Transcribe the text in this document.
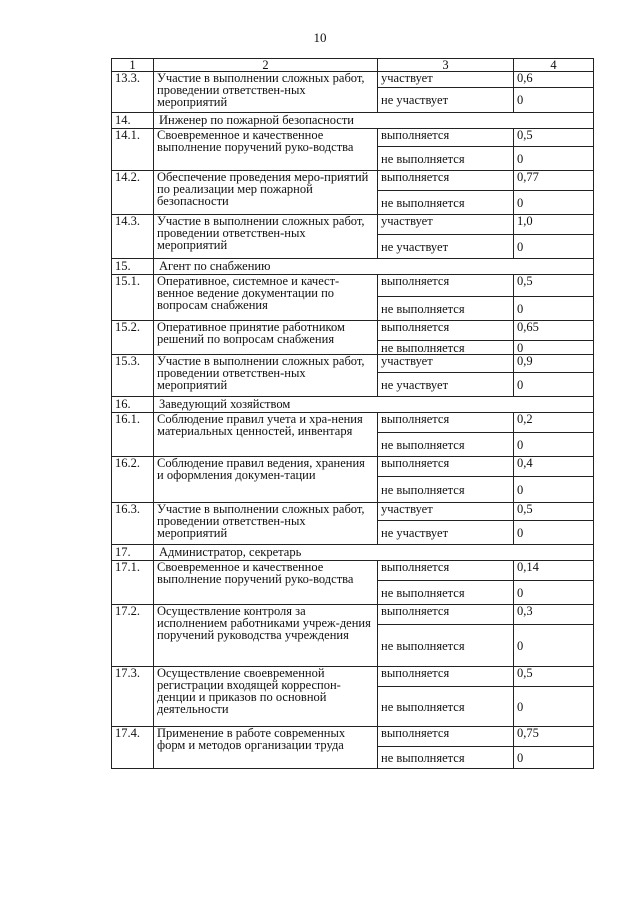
10
1	2	3	4
13.3.	Участие в выполнении сложных работ, проведении ответствен-ных мероприятий	участвует	0,6
		не участвует	0
14.	Инженер по пожарной безопасности		
14.1.	Своевременное и качественное выполнение поручений руко-водства	выполняется	0,5
		не выполняется	0
14.2.	Обеспечение проведения меро-приятий по реализации мер пожарной безопасности	выполняется	0,77
		не выполняется	0
14.3.	Участие в выполнении сложных работ, проведении ответствен-ных мероприятий	участвует	1,0
		не участвует	0
15.	Агент по снабжению		
15.1.	Оперативное, системное и качест-венное ведение документации по вопросам снабжения	выполняется	0,5
		не выполняется	0
15.2.	Оперативное принятие работником решений по вопросам снабжения	выполняется	0,65
		не выполняется	0
15.3.	Участие в выполнении сложных работ, проведении ответствен-ных мероприятий	участвует	0,9
		не участвует	0
16.	Заведующий хозяйством		
16.1.	Соблюдение правил учета и хра-нения материальных ценностей, инвентаря	выполняется	0,2
		не выполняется	0
16.2.	Соблюдение правил ведения, хранения и оформления докумен-тации	выполняется	0,4
		не выполняется	0
16.3.	Участие в выполнении сложных работ, проведении ответствен-ных мероприятий	участвует	0,5
		не участвует	0
17.	Администратор, секретарь		
17.1.	Своевременное и качественное выполнение поручений руко-водства	выполняется	0,14
		не выполняется	0
17.2.	Осуществление контроля за исполнением работниками учреж-дения поручений руководства учреждения	выполняется	0,3
		не выполняется	0
17.3.	Осуществление своевременной регистрации входящей корреспон-денции и приказов по основной деятельности	выполняется	0,5
		не выполняется	0
17.4.	Применение в работе современных форм и методов организации труда	выполняется	0,75
		не выполняется	0
